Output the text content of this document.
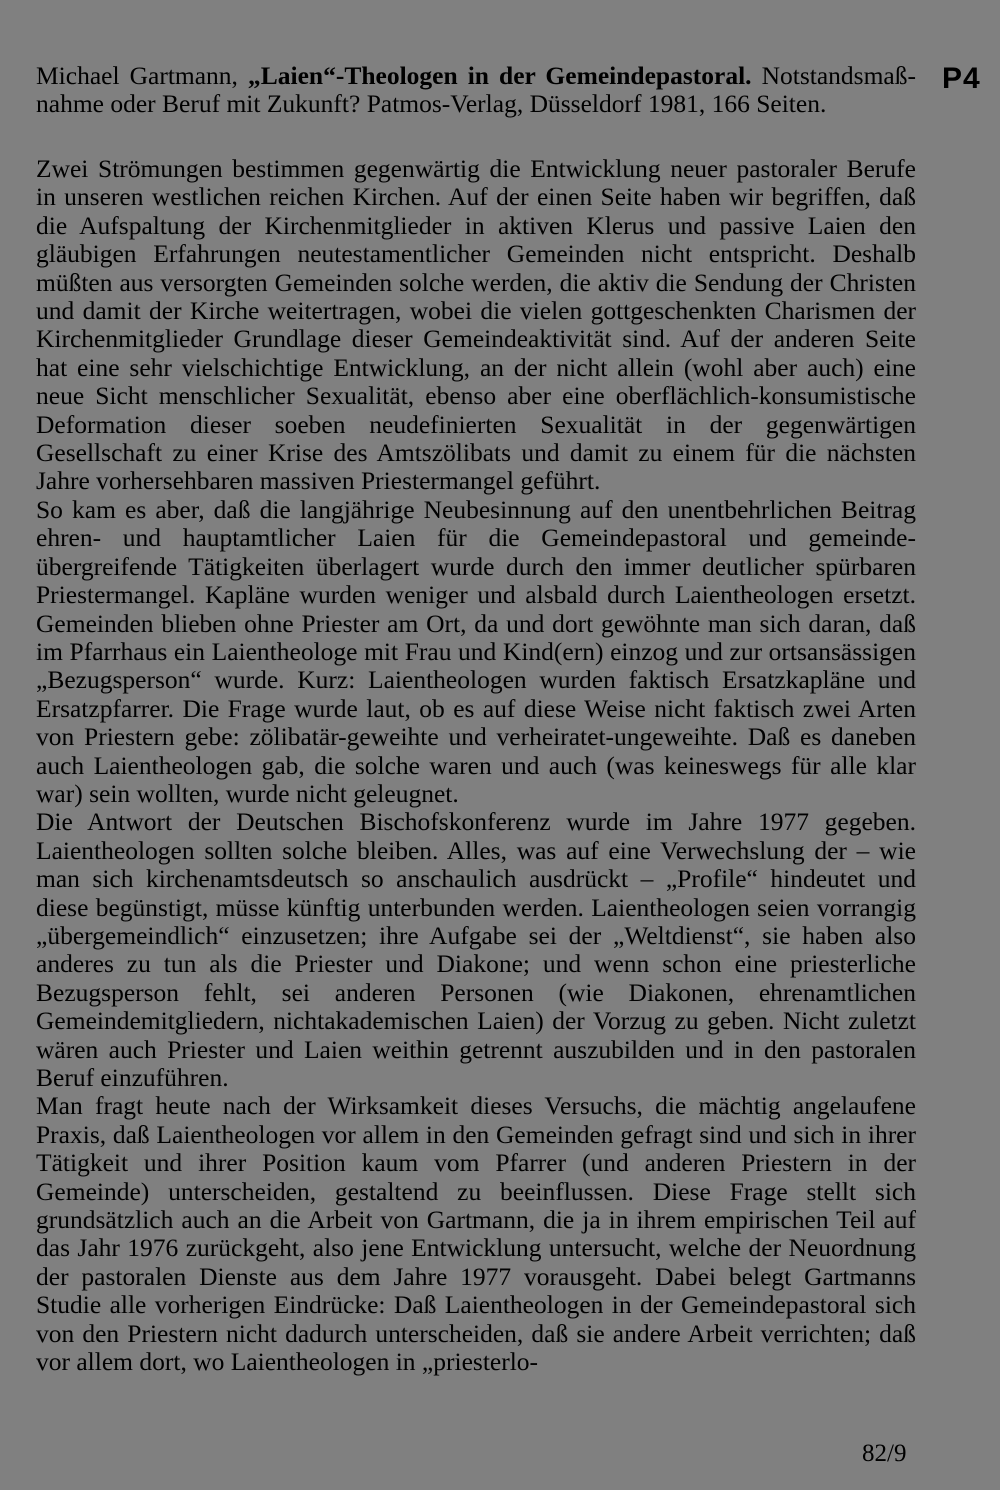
Michael Gartmann, „Laien“-Theologen in der Gemeindepastoral. Notstandsmaßnahme oder Beruf mit Zukunft? Patmos-Verlag, Düsseldorf 1981, 166 Seiten.

Zwei Strömungen bestimmen gegenwärtig die Entwicklung neuer pastoraler Berufe in unseren westlichen reichen Kirchen. Auf der einen Seite haben wir begriffen, daß die Aufspaltung der Kirchenmitglieder in aktiven Klerus und passive Laien den gläubigen Erfahrungen neutestamentlicher Gemeinden nicht entspricht. Deshalb müßten aus versorgten Gemeinden solche werden, die aktiv die Sendung der Christen und damit der Kirche weitertragen, wobei die vielen gottgeschenkten Charismen der Kirchenmitglieder Grundlage dieser Gemeindeaktivität sind. Auf der anderen Seite hat eine sehr vielschichtige Entwicklung, an der nicht allein (wohl aber auch) eine neue Sicht menschlicher Sexualität, ebenso aber eine oberflächlich-konsumistische Deformation dieser soeben neudefinierten Sexualität in der gegenwärtigen Gesellschaft zu einer Krise des Amtszölibats und damit zu einem für die nächsten Jahre vorhersehbaren massiven Priestermangel geführt.

So kam es aber, daß die langjährige Neubesinnung auf den unentbehrlichen Beitrag ehren- und hauptamtlicher Laien für die Gemeindepastoral und gemeindeübergreifende Tätigkeiten überlagert wurde durch den immer deutlicher spürbaren Priestermangel. Kapläne wurden weniger und alsbald durch Laientheologen ersetzt. Gemeinden blieben ohne Priester am Ort, da und dort gewöhnte man sich daran, daß im Pfarrhaus ein Laientheologe mit Frau und Kind(ern) einzog und zur ortsansässigen „Bezugsperson“ wurde. Kurz: Laientheologen wurden faktisch Ersatzkapläne und Ersatzpfarrer. Die Frage wurde laut, ob es auf diese Weise nicht faktisch zwei Arten von Priestern gebe: zölibatär-geweihte und verheiratet-ungeweihte. Daß es daneben auch Laientheologen gab, die solche waren und auch (was keineswegs für alle klar war) sein wollten, wurde nicht geleugnet.

Die Antwort der Deutschen Bischofskonferenz wurde im Jahre 1977 gegeben. Laientheologen sollten solche bleiben. Alles, was auf eine Verwechslung der – wie man sich kirchenamtsdeutsch so anschaulich ausdrückt – „Profile“ hindeutet und diese begünstigt, müsse künftig unterbunden werden. Laientheologen seien vorrangig „übergemeindlich“ einzusetzen; ihre Aufgabe sei der „Weltdienst“, sie haben also anderes zu tun als die Priester und Diakone; und wenn schon eine priesterliche Bezugsperson fehlt, sei anderen Personen (wie Diakonen, ehrenamtlichen Gemeindemitgliedern, nichtakademischen Laien) der Vorzug zu geben. Nicht zuletzt wären auch Priester und Laien weithin getrennt auszubilden und in den pastoralen Beruf einzuführen.

Man fragt heute nach der Wirksamkeit dieses Versuchs, die mächtig angelaufene Praxis, daß Laientheologen vor allem in den Gemeinden gefragt sind und sich in ihrer Tätigkeit und ihrer Position kaum vom Pfarrer (und anderen Priestern in der Gemeinde) unterscheiden, gestaltend zu beeinflussen. Diese Frage stellt sich grundsätzlich auch an die Arbeit von Gartmann, die ja in ihrem empirischen Teil auf das Jahr 1976 zurückgeht, also jene Entwicklung untersucht, welche der Neuordnung der pastoralen Dienste aus dem Jahre 1977 vorausgeht. Dabei belegt Gartmanns Studie alle vorherigen Eindrücke: Daß Laientheologen in der Gemeindepastoral sich von den Priestern nicht dadurch unterscheiden, daß sie andere Arbeit verrichten; daß vor allem dort, wo Laientheologen in „priesterlo-

P4
82/9
